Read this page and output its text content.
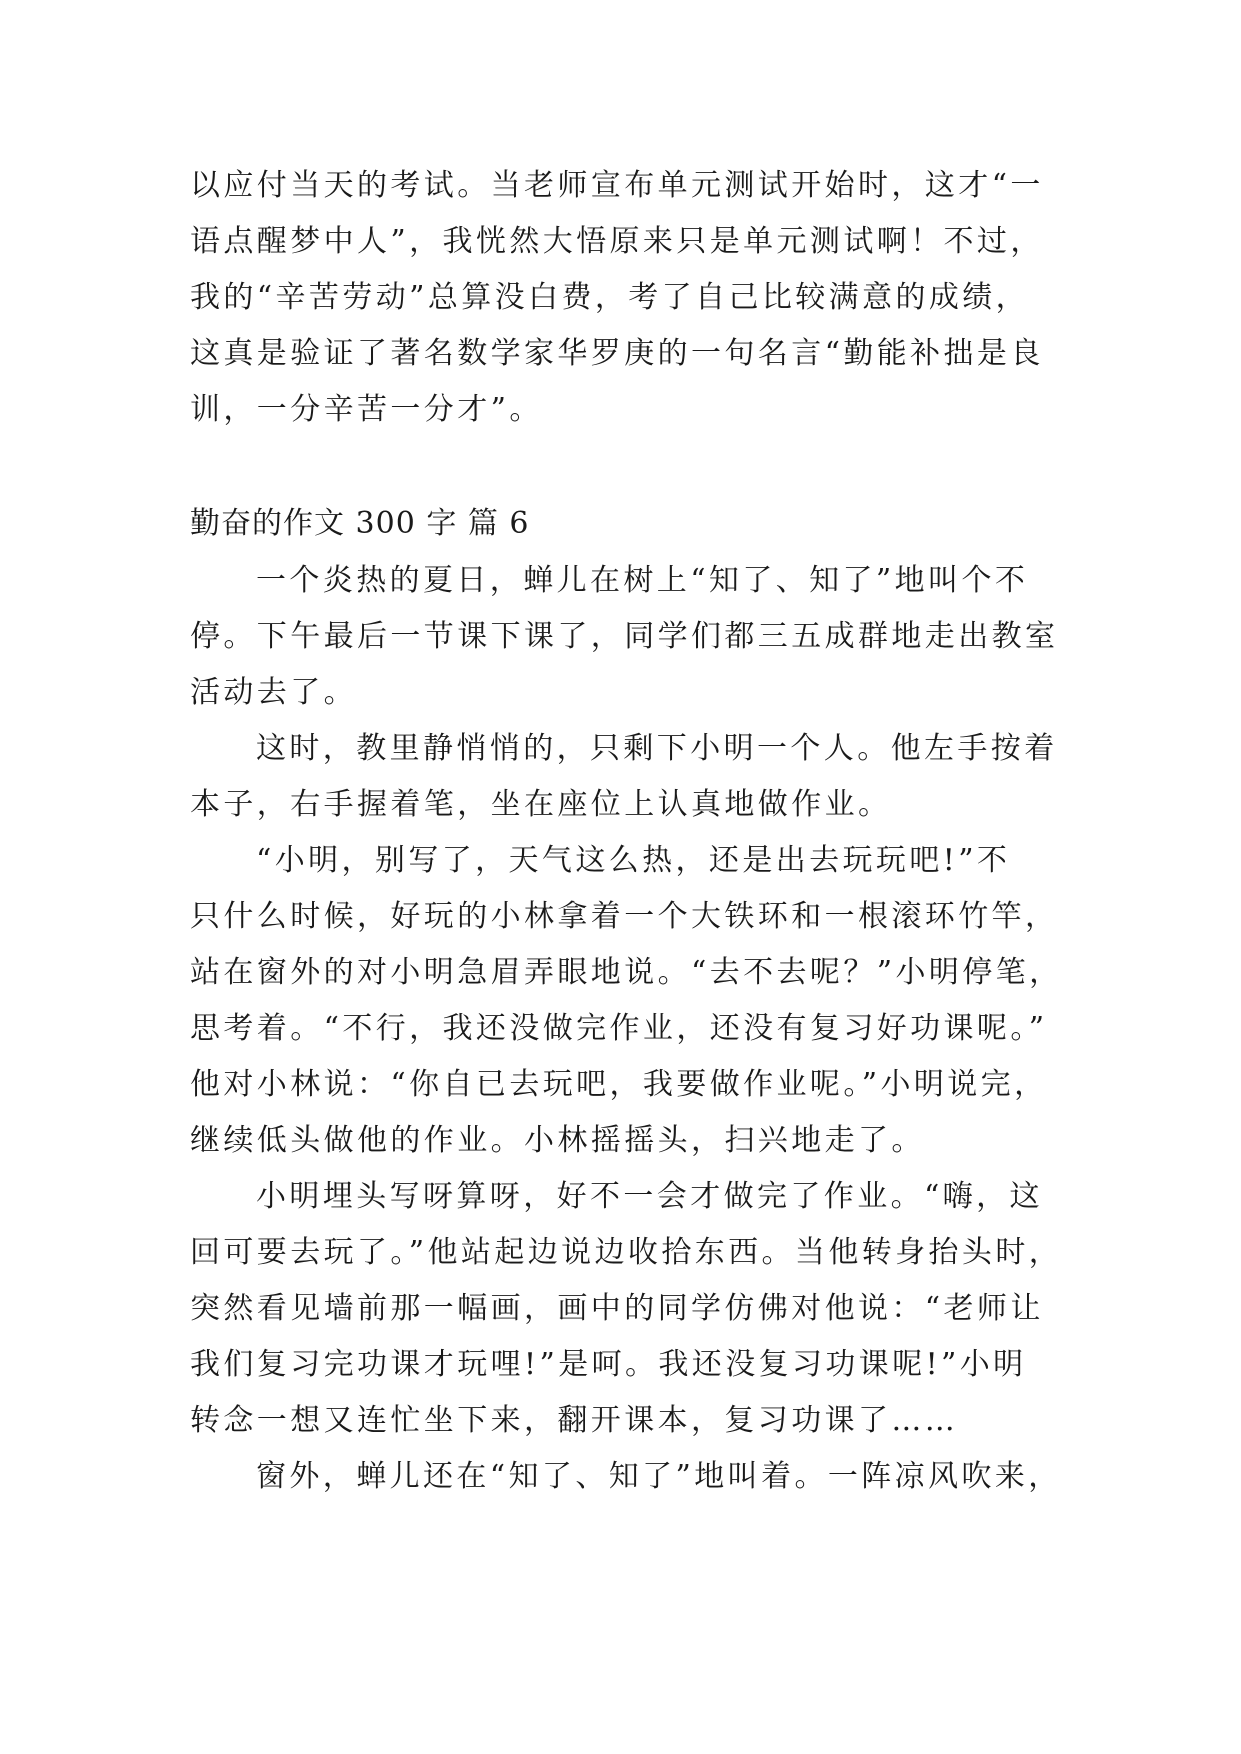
以应付当天的考试。当老师宣布单元测试开始时，这才“一
语点醒梦中人”，我恍然大悟原来只是单元测试啊！不过，
我的“辛苦劳动”总算没白费，考了自己比较满意的成绩，
这真是验证了著名数学家华罗庚的一句名言“勤能补拙是良
训，一分辛苦一分才”。
勤奋的作文 300 字 篇 6
一个炎热的夏日，蝉儿在树上“知了、知了”地叫个不
停。下午最后一节课下课了，同学们都三五成群地走出教室
活动去了。
这时，教里静悄悄的，只剩下小明一个人。他左手按着
本子，右手握着笔，坐在座位上认真地做作业。
“小明，别写了，天气这么热，还是出去玩玩吧!”不
只什么时候，好玩的小林拿着一个大铁环和一根滚环竹竿，
站在窗外的对小明急眉弄眼地说。“去不去呢？”小明停笔，
思考着。“不行，我还没做完作业，还没有复习好功课呢。”
他对小林说：“你自已去玩吧，我要做作业呢。”小明说完，
继续低头做他的作业。小林摇摇头，扫兴地走了。
小明埋头写呀算呀，好不一会才做完了作业。“嗨，这
回可要去玩了。”他站起边说边收拾东西。当他转身抬头时，
突然看见墙前那一幅画，画中的同学仿佛对他说：“老师让
我们复习完功课才玩哩!”是呵。我还没复习功课呢!”小明
转念一想又连忙坐下来，翻开课本，复习功课了……
窗外，蝉儿还在“知了、知了”地叫着。一阵凉风吹来，
